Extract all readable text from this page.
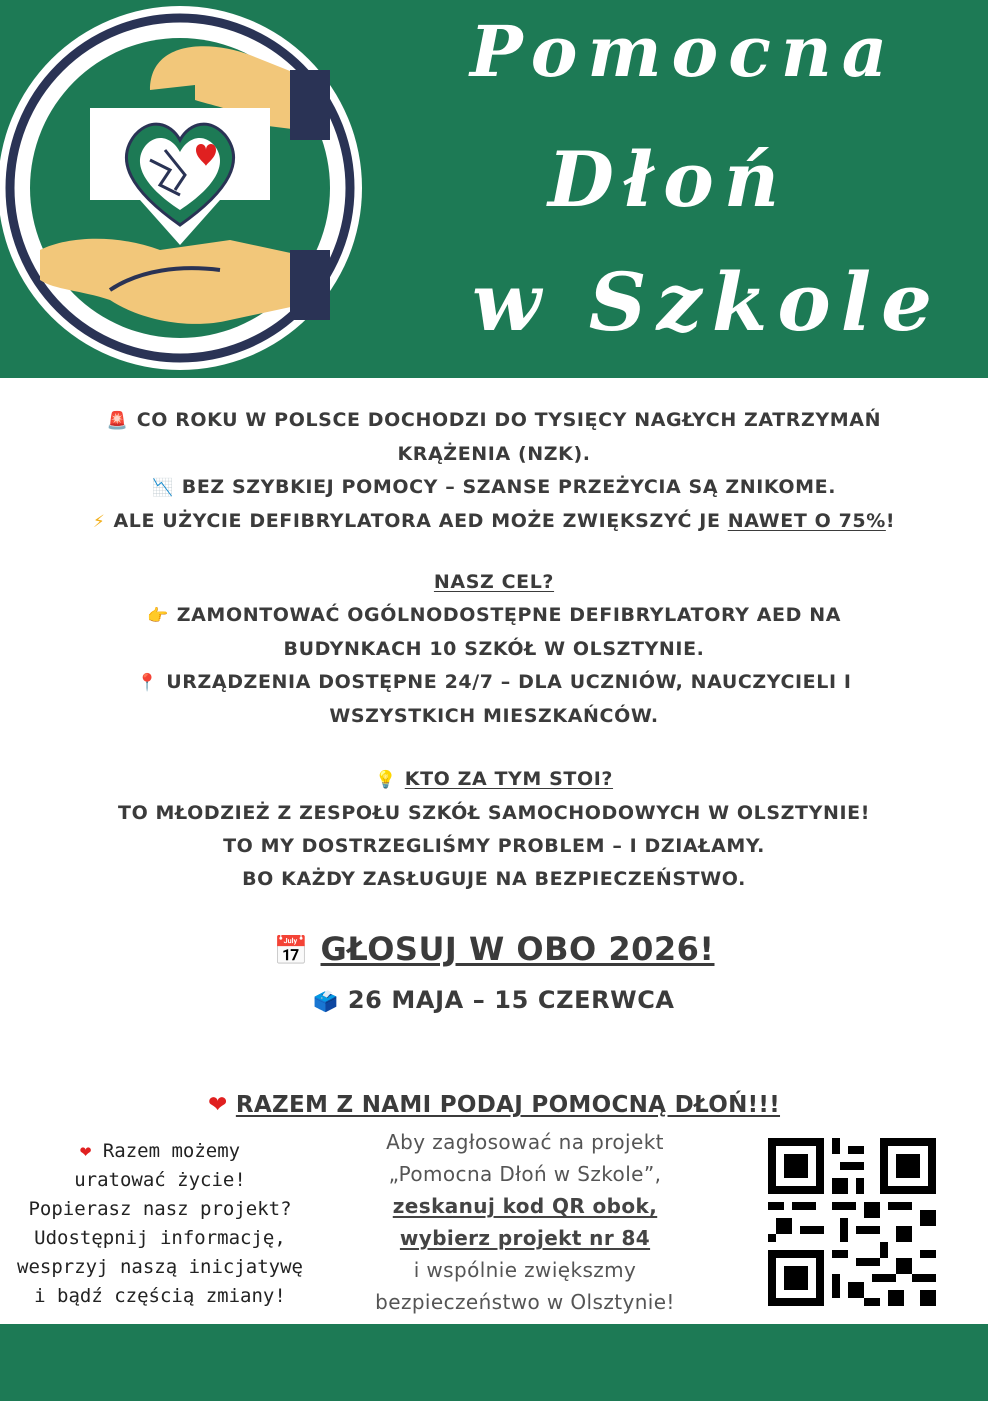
Pomocna
Dłoń
w Szkole
🚨 CO ROKU W POLSCE DOCHODZI DO TYSIĘCY NAGŁYCH ZATRZYMAŃ
KRĄŻENIA (NZK).
📉 BEZ SZYBKIEJ POMOCY – SZANSE PRZEŻYCIA SĄ ZNIKOME.
⚡ ALE UŻYCIE DEFIBRYLATORA AED MOŻE ZWIĘKSZYĆ JE NAWET O 75%!
NASZ CEL?
👉 ZAMONTOWAĆ OGÓLNODOSTĘPNE DEFIBRYLATORY AED NA
BUDYNKACH 10 SZKÓŁ W OLSZTYNIE.
📍 URZĄDZENIA DOSTĘPNE 24/7 – DLA UCZNIÓW, NAUCZYCIELI I
WSZYSTKICH MIESZKAŃCÓW.
💡 KTO ZA TYM STOI?
TO MŁODZIEŻ Z ZESPOŁU SZKÓŁ SAMOCHODOWYCH W OLSZTYNIE!
TO MY DOSTRZEGLIŚMY PROBLEM – I DZIAŁAMY.
BO KAŻDY ZASŁUGUJE NA BEZPIECZEŃSTWO.
📅 GŁOSUJ W OBO 2026!
🗳️ 26 MAJA – 15 CZERWCA
❤ RAZEM Z NAMI PODAJ POMOCNĄ DŁOŃ!!!
❤ Razem możemy
uratować życie!
Popierasz nasz projekt?
Udostępnij informację,
wesprzyj naszą inicjatywę
i bądź częścią zmiany!
Aby zagłosować na projekt
„Pomocna Dłoń w Szkole”,
zeskanuj kod QR obok,
wybierz projekt nr 84
i wspólnie zwiększmy
bezpieczeństwo w Olsztynie!
